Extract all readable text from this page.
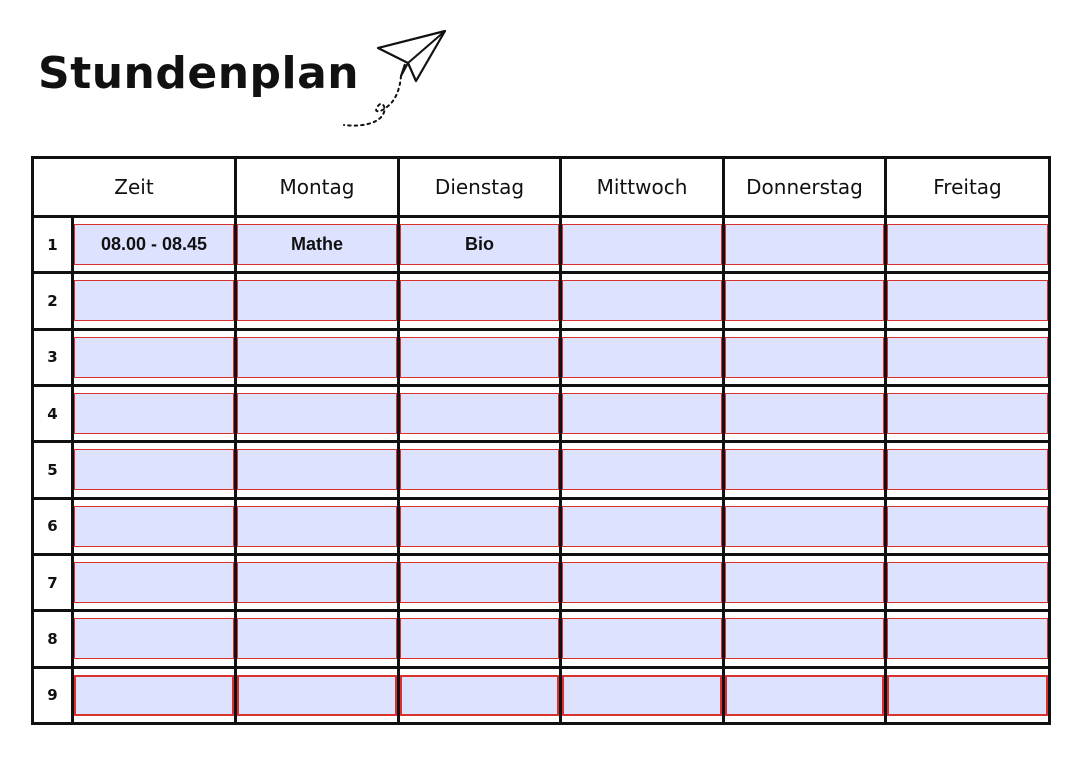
Stundenplan
Zeit		Montag	Dienstag	Mittwoch	Donnerstag	Freitag
1	08.00 - 08.45	Mathe	Bio			

2	

3	

4	

5	

6	

7	

8	

9	
